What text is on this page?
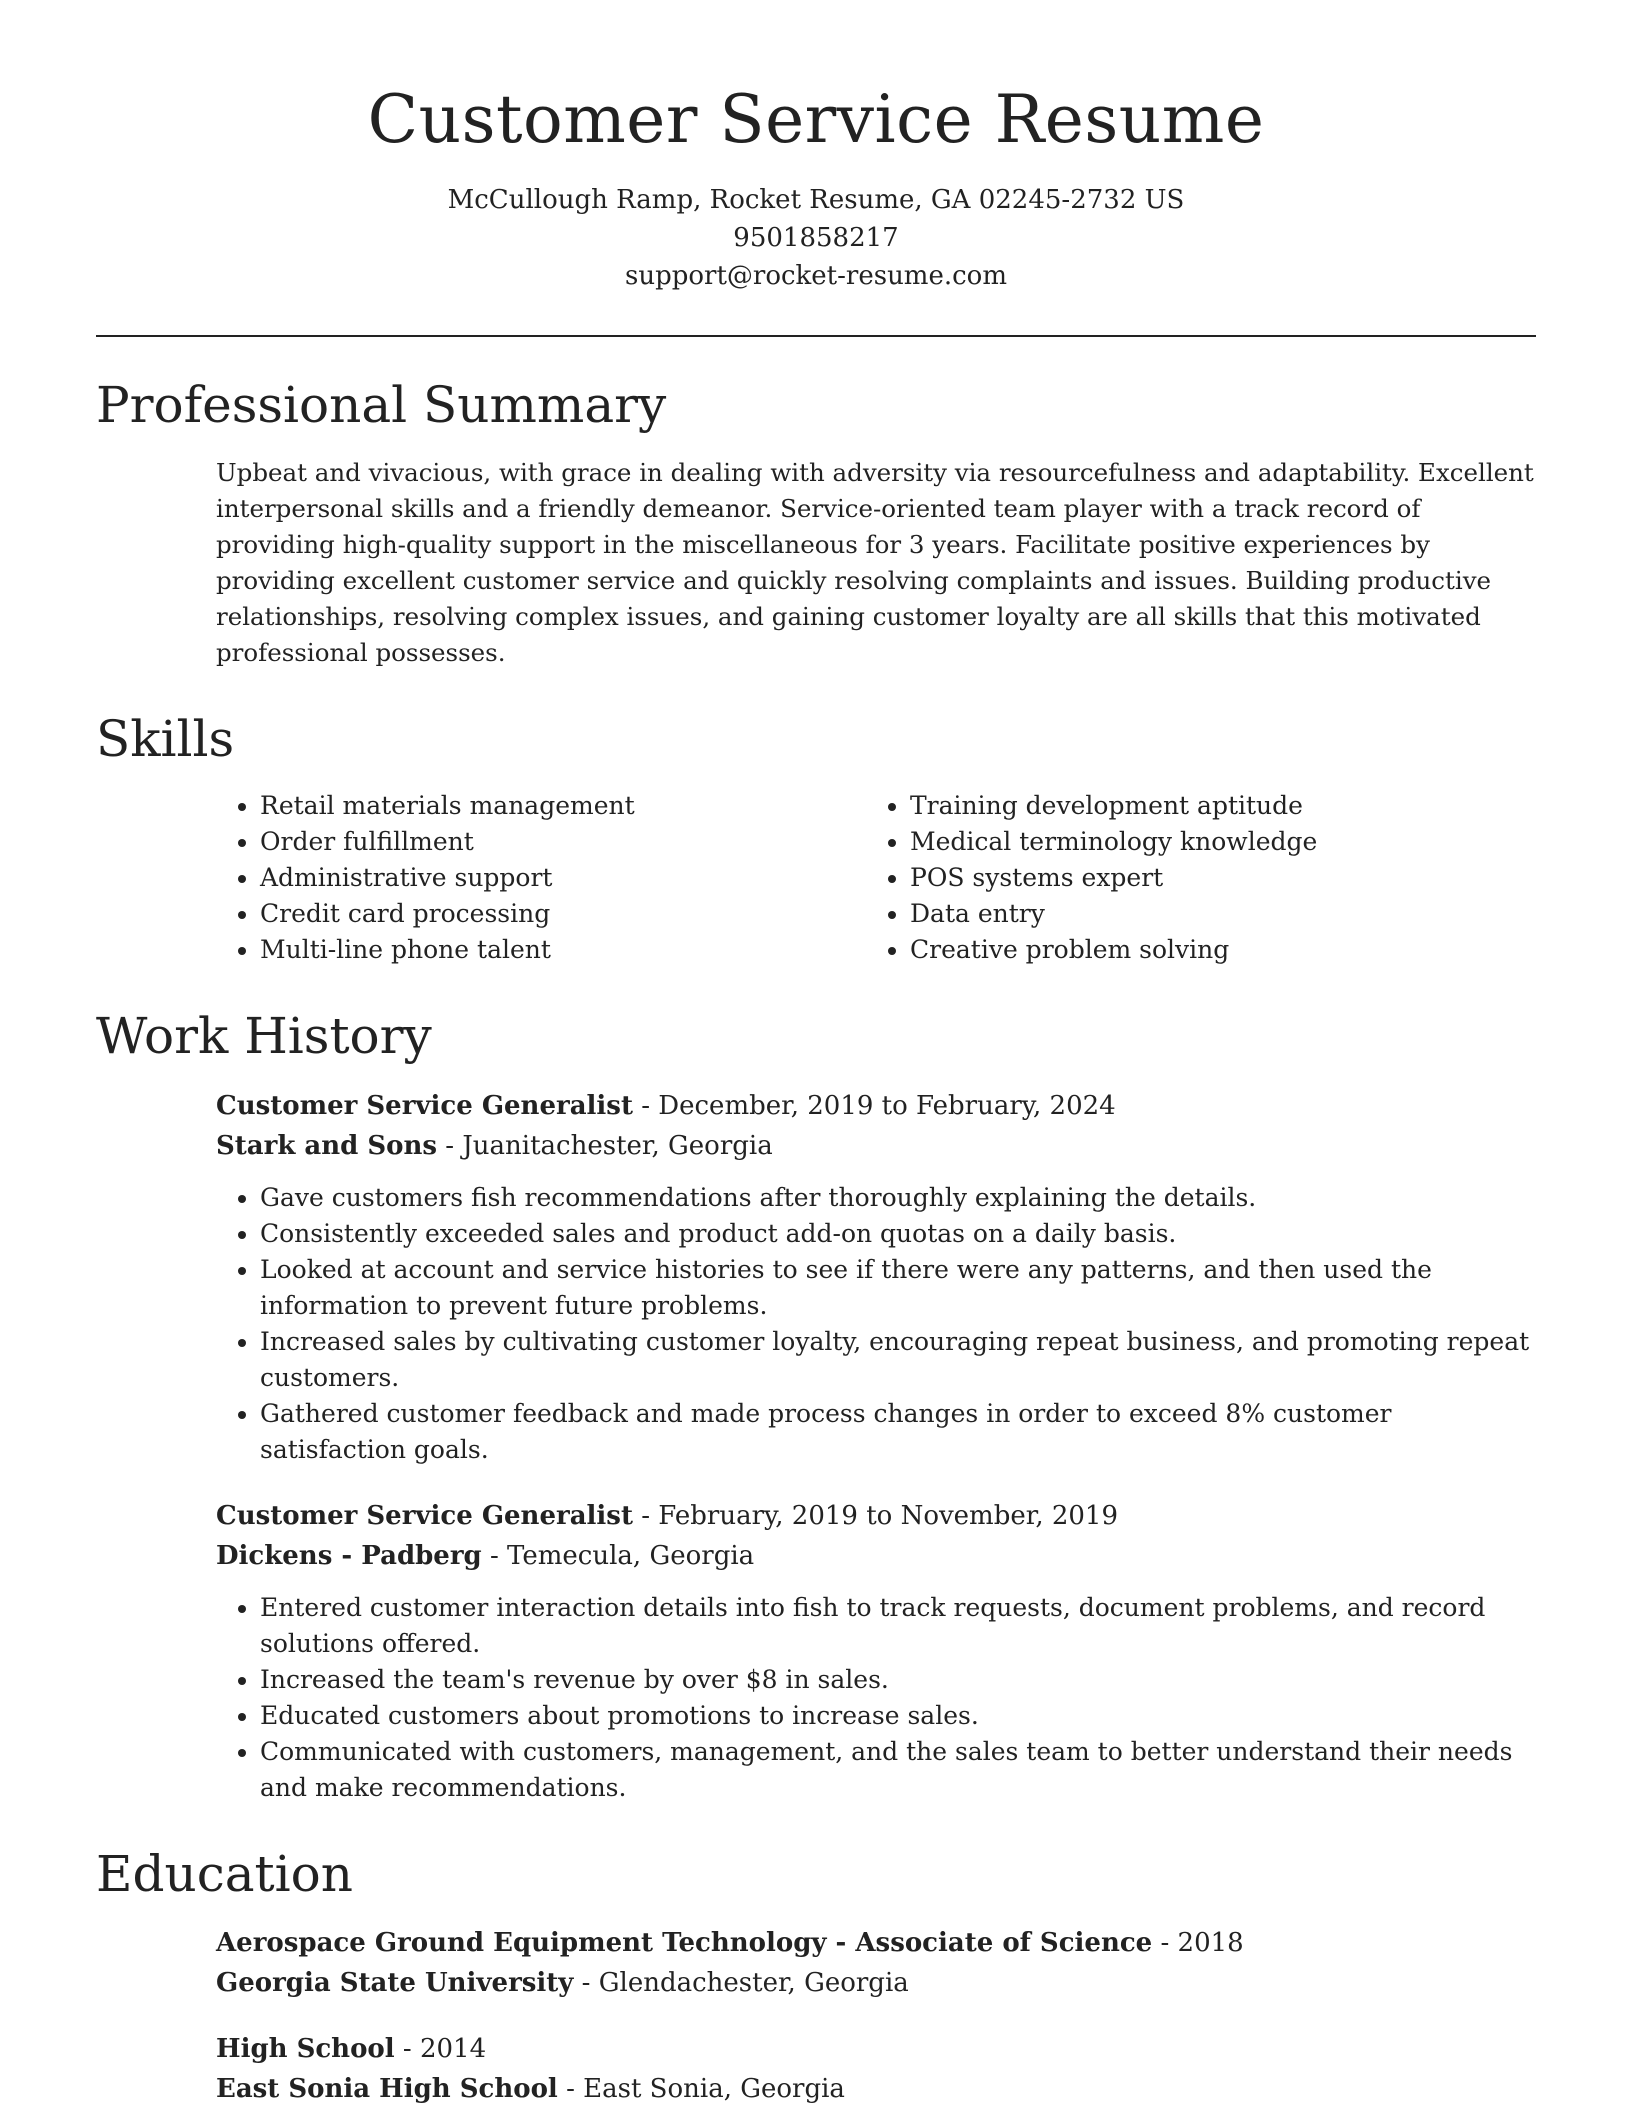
Customer Service Resume
McCullough Ramp, Rocket Resume, GA 02245-2732 US
9501858217
support@rocket-resume.com
Professional Summary

Upbeat and vivacious, with grace in dealing with adversity via resourcefulness and adaptability. Excellent interpersonal skills and a friendly demeanor. Service-oriented team player with a track record of providing high-quality support in the miscellaneous for 3 years. Facilitate positive experiences by providing excellent customer service and quickly resolving complaints and issues. Building productive relationships, resolving complex issues, and gaining customer loyalty are all skills that this motivated professional possesses.

Skills
• Retail materials management
• Order fulfillment
• Administrative support
• Credit card processing
• Multi-line phone talent
• Training development aptitude
• Medical terminology knowledge
• POS systems expert
• Data entry
• Creative problem solving
Work History
Customer Service Generalist - December, 2019 to February, 2024
Stark and Sons - Juanitachester, Georgia
• Gave customers fish recommendations after thoroughly explaining the details.
• Consistently exceeded sales and product add-on quotas on a daily basis.
• Looked at account and service histories to see if there were any patterns, and then used the information to prevent future problems.
• Increased sales by cultivating customer loyalty, encouraging repeat business, and promoting repeat customers.
• Gathered customer feedback and made process changes in order to exceed 8% customer satisfaction goals.
Customer Service Generalist - February, 2019 to November, 2019
Dickens - Padberg - Temecula, Georgia
• Entered customer interaction details into fish to track requests, document problems, and record solutions offered.
• Increased the team's revenue by over $8 in sales.
• Educated customers about promotions to increase sales.
• Communicated with customers, management, and the sales team to better understand their needs and make recommendations.
Education
Aerospace Ground Equipment Technology - Associate of Science - 2018
Georgia State University - Glendachester, Georgia
High School - 2014
East Sonia High School - East Sonia, Georgia
